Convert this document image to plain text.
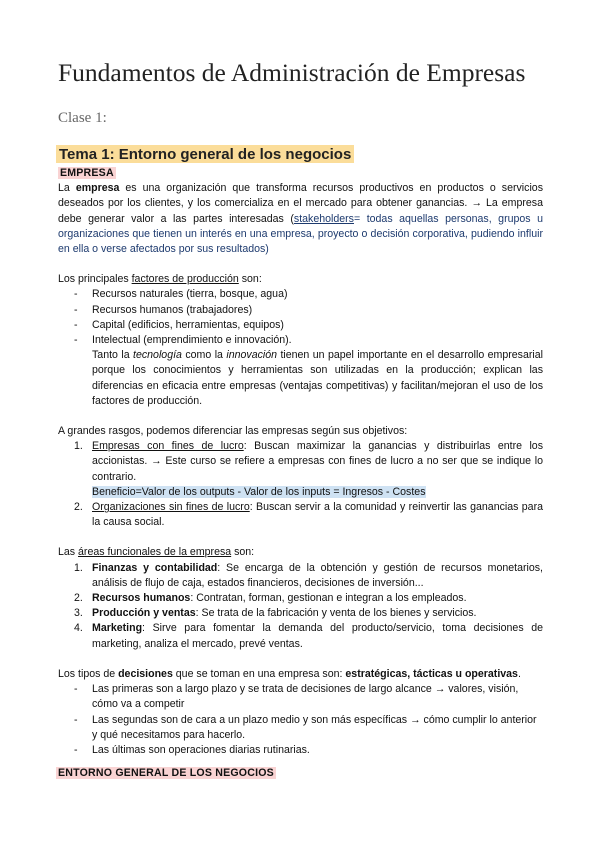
Fundamentos de Administración de Empresas

Clase 1:

Tema 1: Entorno general de los negocios

EMPRESA

La empresa es una organización que transforma recursos productivos en productos o servicios deseados por los clientes, y los comercializa en el mercado para obtener ganancias. → La empresa debe generar valor a las partes interesadas (stakeholders= todas aquellas personas, grupos u organizaciones que tienen un interés en una empresa, proyecto o decisión corporativa, pudiendo influir en ella o verse afectados por sus resultados)

Los principales factores de producción son:

- Recursos naturales (tierra, bosque, agua)
- Recursos humanos (trabajadores)
- Capital (edificios, herramientas, equipos)
- Intelectual (emprendimiento e innovación).

Tanto la tecnología como la innovación tienen un papel importante en el desarrollo empresarial porque los conocimientos y herramientas son utilizadas en la producción; explican las diferencias en eficacia entre empresas (ventajas competitivas) y facilitan/mejoran el uso de los factores de producción.

A grandes rasgos, podemos diferenciar las empresas según sus objetivos:

1. Empresas con fines de lucro: Buscan maximizar la ganancias y distribuirlas entre los accionistas. → Este curso se refiere a empresas con fines de lucro a no ser que se indique lo contrario.
Beneficio=Valor de los outputs - Valor de los inputs = Ingresos - Costes
2. Organizaciones sin fines de lucro: Buscan servir a la comunidad y reinvertir las ganancias para la causa social.

Las áreas funcionales de la empresa son:

1. Finanzas y contabilidad: Se encarga de la obtención y gestión de recursos monetarios, análisis de flujo de caja, estados financieros, decisiones de inversión...
2. Recursos humanos: Contratan, forman, gestionan e integran a los empleados.
3. Producción y ventas: Se trata de la fabricación y venta de los bienes y servicios.
4. Marketing: Sirve para fomentar la demanda del producto/servicio, toma decisiones de marketing, analiza el mercado, prevé ventas.

Los tipos de decisiones que se toman en una empresa son: estratégicas, tácticas u operativas.

- Las primeras son a largo plazo y se trata de decisiones de largo alcance → valores, visión, cómo va a competir
- Las segundas son de cara a un plazo medio y son más específicas → cómo cumplir lo anterior y qué necesitamos para hacerlo.
- Las últimas son operaciones diarias rutinarias.
ENTORNO GENERAL DE LOS NEGOCIOS
